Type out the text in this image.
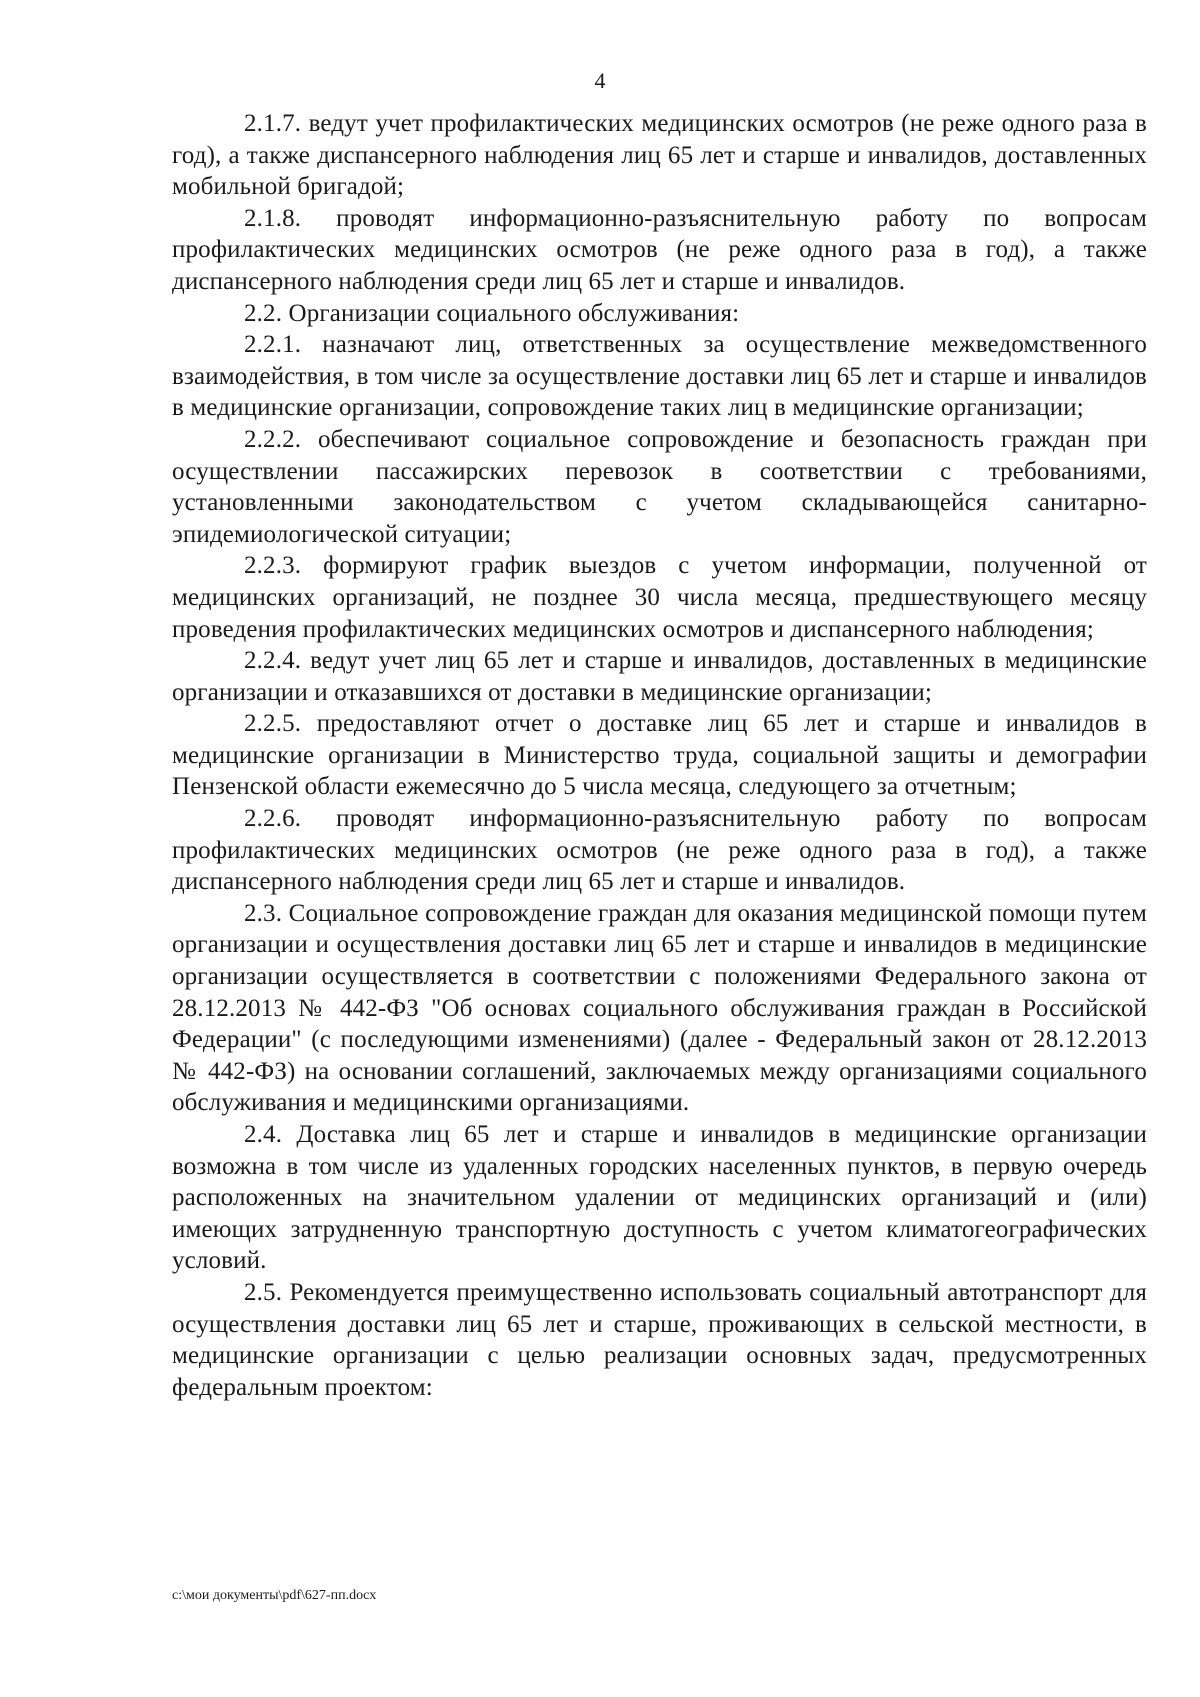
4

2.1.7. ведут учет профилактических медицинских осмотров (не реже одного раза в год), а также диспансерного наблюдения лиц 65 лет и старше и инвалидов, доставленных мобильной бригадой;

2.1.8. проводят информационно-разъяснительную работу по вопросам профилактических медицинских осмотров (не реже одного раза в год), а также диспансерного наблюдения среди лиц 65 лет и старше и инвалидов.

2.2. Организации социального обслуживания:

2.2.1. назначают лиц, ответственных за осуществление межведомственного взаимодействия, в том числе за осуществление доставки лиц 65 лет и старше и инвалидов в медицинские организации, сопровождение таких лиц в медицинские организации;

2.2.2. обеспечивают социальное сопровождение и безопасность граждан при осуществлении пассажирских перевозок в соответствии с требованиями, установленными законодательством с учетом складывающейся санитарно-эпидемиологической ситуации;

2.2.3. формируют график выездов с учетом информации, полученной от медицинских организаций, не позднее 30 числа месяца, предшествующего месяцу проведения профилактических медицинских осмотров и диспансерного наблюдения;

2.2.4. ведут учет лиц 65 лет и старше и инвалидов, доставленных в медицинские организации и отказавшихся от доставки в медицинские организации;

2.2.5. предоставляют отчет о доставке лиц 65 лет и старше и инвалидов в медицинские организации в Министерство труда, социальной защиты и демографии Пензенской области ежемесячно до 5 числа месяца, следующего за отчетным;

2.2.6. проводят информационно-разъяснительную работу по вопросам профилактических медицинских осмотров (не реже одного раза в год), а также диспансерного наблюдения среди лиц 65 лет и старше и инвалидов.

2.3. Социальное сопровождение граждан для оказания медицинской помощи путем организации и осуществления доставки лиц 65 лет и старше и инвалидов в медицинские организации осуществляется в соответствии с положениями Федерального закона от 28.12.2013 № 442-ФЗ "Об основах социального обслуживания граждан в Российской Федерации" (с последующими изменениями) (далее - Федеральный закон от 28.12.2013 № 442-ФЗ) на основании соглашений, заключаемых между организациями социального обслуживания и медицинскими организациями.

2.4. Доставка лиц 65 лет и старше и инвалидов в медицинские организации возможна в том числе из удаленных городских населенных пунктов, в первую очередь расположенных на значительном удалении от медицинских организаций и (или) имеющих затрудненную транспортную доступность с учетом климатогеографических условий.

2.5. Рекомендуется преимущественно использовать социальный автотранспорт для осуществления доставки лиц 65 лет и старше, проживающих в сельской местности, в медицинские организации с целью реализации основных задач, предусмотренных федеральным проектом:

c:\мои документы\pdf\627-пп.docx
